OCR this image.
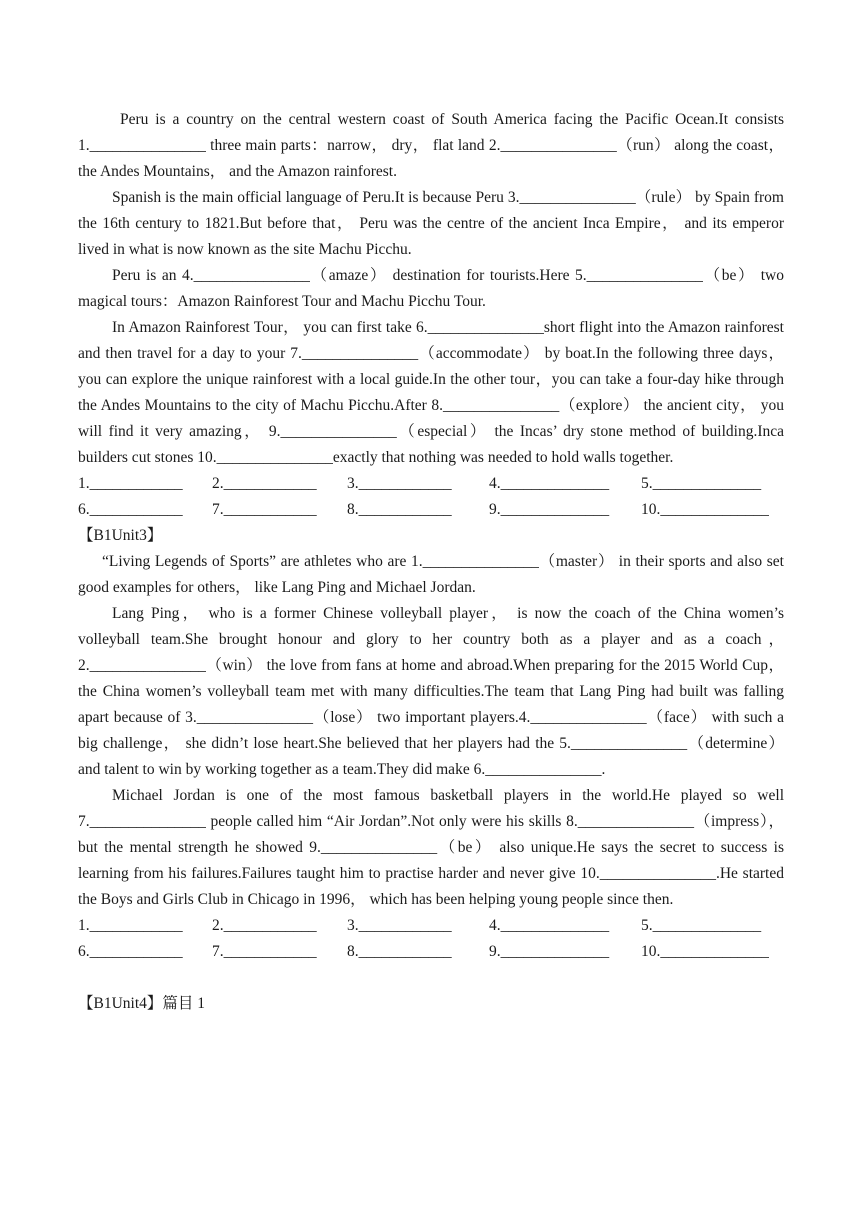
Peru is a country on the central western coast of South America facing the Pacific Ocean.It consists 1._______________ three main parts：narrow， dry， flat land 2._______________（run） along the coast， the Andes Mountains， and the Amazon rainforest.

Spanish is the main official language of Peru.It is because Peru 3._______________（rule） by Spain from the 16th century to 1821.But before that， Peru was the centre of the ancient Inca Empire， and its emperor lived in what is now known as the site Machu Picchu.

Peru is an 4._______________（amaze） destination for tourists.Here 5._______________（be） two magical tours：Amazon Rainforest Tour and Machu Picchu Tour.

In Amazon Rainforest Tour， you can first take 6._______________short flight into the Amazon rainforest and then travel for a day to your 7._______________（accommodate） by boat.In the following three days， you can explore the unique rainforest with a local guide.In the other tour，you can take a four-day hike through the Andes Mountains to the city of Machu Picchu.After 8._______________（explore） the ancient city， you will find it very amazing， 9._______________（especial） the Incas’ dry stone method of building.Inca builders cut stones 10._______________exactly that nothing was needed to hold walls together.

1.____________	2.____________	3.____________	4.______________	5.______________
6.____________	7.____________	8.____________	9.______________	10.______________

【B1Unit3】

“Living Legends of Sports” are athletes who are 1._______________（master） in their sports and also set good examples for others， like Lang Ping and Michael Jordan.

Lang Ping， who is a former Chinese volleyball player， is now the coach of the China women’s volleyball team.She brought honour and glory to her country both as a player and as a coach， 2._______________（win） the love from fans at home and abroad.When preparing for the 2015 World Cup， the China women’s volleyball team met with many difficulties.The team that Lang Ping had built was falling apart because of 3._______________（lose） two important players.4._______________（face） with such a big challenge， she didn’t lose heart.She believed that her players had the 5._______________（determine） and talent to win by working together as a team.They did make 6._______________.

Michael Jordan is one of the most famous basketball players in the world.He played so well 7._______________ people called him “Air Jordan”.Not only were his skills 8._______________（impress）， but the mental strength he showed 9._______________（be） also unique.He says the secret to success is learning from his failures.Failures taught him to practise harder and never give 10._______________.He started the Boys and Girls Club in Chicago in 1996， which has been helping young people since then.

1.____________	2.____________	3.____________	4.______________	5.______________
6.____________	7.____________	8.____________	9.______________	10.______________

【B1Unit4】篇目 1
